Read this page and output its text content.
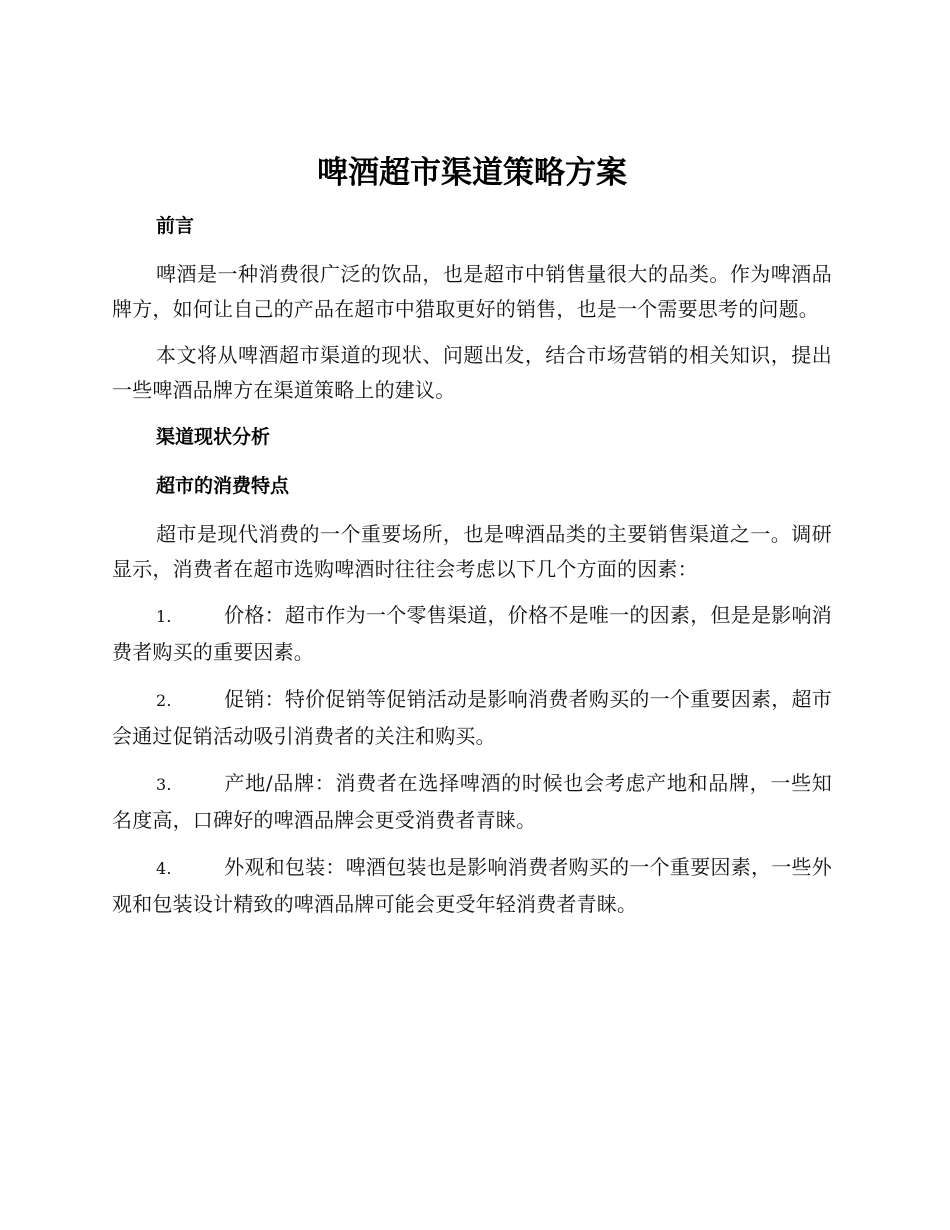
啤酒超市渠道策略方案
前言

啤酒是一种消费很广泛的饮品，也是超市中销售量很大的品类。作为啤酒品牌方，如何让自己的产品在超市中猎取更好的销售，也是一个需要思考的问题。

本文将从啤酒超市渠道的现状、问题出发，结合市场营销的相关知识，提出一些啤酒品牌方在渠道策略上的建议。

渠道现状分析
超市的消费特点

超市是现代消费的一个重要场所，也是啤酒品类的主要销售渠道之一。调研显示，消费者在超市选购啤酒时往往会考虑以下几个方面的因素：

1.	价格：超市作为一个零售渠道，价格不是唯一的因素，但是是影响消费者购买的重要因素。
2.	促销：特价促销等促销活动是影响消费者购买的一个重要因素，超市会通过促销活动吸引消费者的关注和购买。
3.	产地/品牌：消费者在选择啤酒的时候也会考虑产地和品牌，一些知名度高，口碑好的啤酒品牌会更受消费者青睐。
4.	外观和包装：啤酒包装也是影响消费者购买的一个重要因素，一些外观和包装设计精致的啤酒品牌可能会更受年轻消费者青睐。
